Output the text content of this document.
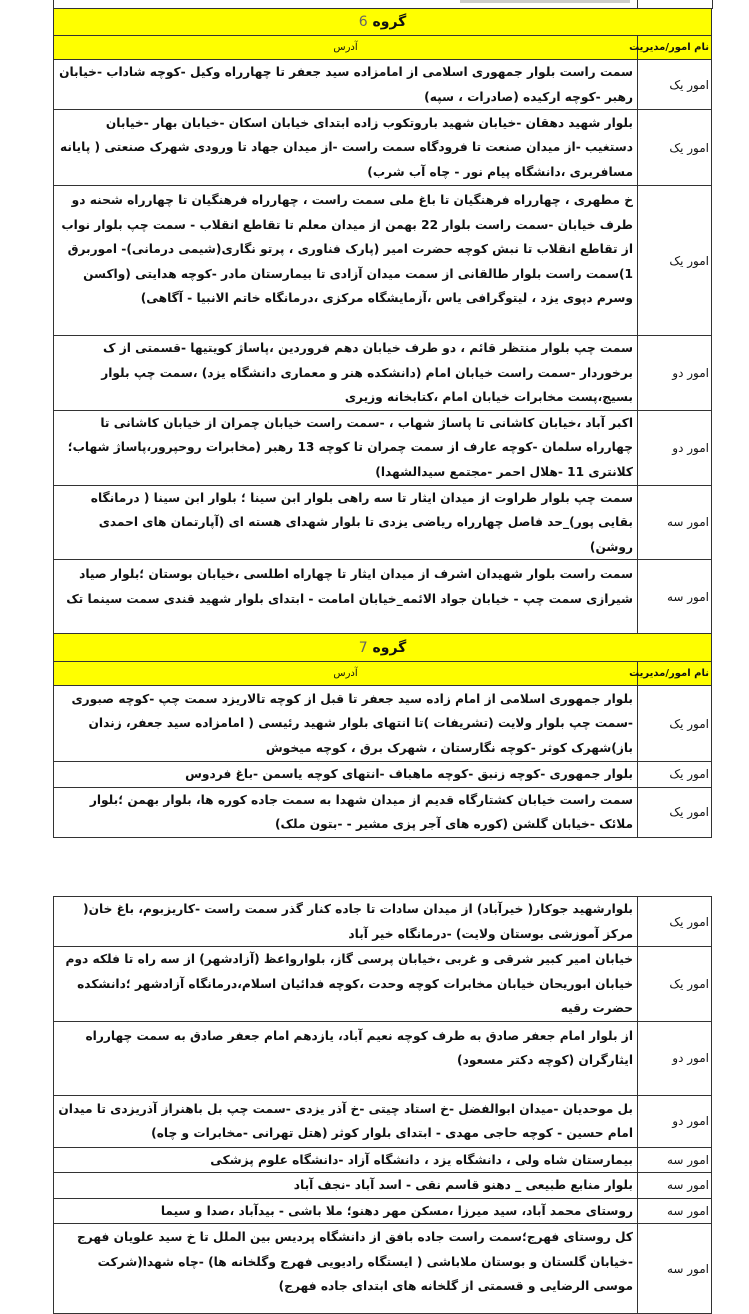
گروه 6	
نام امور/مدیریت	آدرس
امور یک	سمت راست بلوار جمهوری اسلامی از امامزاده سید جعفر تا چهارراه وکیل -کوچه شاداب -خیابان رهبر -کوچه ارکیده (صادرات ، سپه)
امور یک	بلوار شهید دهقان -خیابان شهید باروتکوب زاده ابتدای خیابان اسکان -خیابان بهار -خیابان دستغیب -از میدان صنعت تا فرودگاه سمت راست -از میدان جهاد تا ورودی شهرک صنعتی ( پایانه مسافربری ،دانشگاه پیام نور - چاه آب شرب)
امور یک	خ مطهری ، چهارراه فرهنگیان تا باغ ملی سمت راست ، چهارراه فرهنگیان تا چهارراه شحنه دو طرف خیابان -سمت راست بلوار 22 بهمن از میدان معلم تا تقاطع انقلاب - سمت چپ بلوار نواب از تقاطع انقلاب تا نبش کوچه حضرت امیر (پارک فناوری ، پرتو نگاری(شیمی درمانی)- اموربرق 1)سمت راست بلوار طالقانی از سمت میدان آزادی تا بیمارستان مادر -کوچه هدایتی (واکسن وسرم دپوی یزد ، لیتوگرافی یاس ،آزمایشگاه مرکزی ،درمانگاه خاتم الانبیا - آگاهی)
امور دو	سمت چپ بلوار منتظر قائم ، دو طرف خیابان دهم فروردین ،پاساژ کویتیها -قسمتی از ک برخوردار -سمت راست خیابان امام (دانشکده هنر و معماری دانشگاه یزد) ،سمت چپ بلوار بسیج،پست مخابرات خیابان امام ،کتابخانه وزیری
امور دو	اکبر آباد ،خیابان کاشانی تا پاساژ شهاب ، -سمت راست خیابان چمران از خیابان کاشانی تا چهارراه سلمان -کوچه عارف از سمت چمران تا کوچه 13 رهبر (مخابرات روحپرور،پاساژ شهاب؛ کلانتری 11 -هلال احمر -مجتمع سیدالشهدا)
امور سه	سمت چپ بلوار طراوت از میدان ایثار تا سه راهی بلوار ابن سینا ؛ بلوار ابن سینا ( درمانگاه بقایی پور)_حد فاصل چهارراه ریاضی یزدی تا بلوار شهدای هسته ای (آپارتمان های احمدی روشن)
امور سه	سمت راست بلوار شهیدان اشرف از میدان ایثار تا چهاراه اطلسی ،خیابان بوستان ؛بلوار صیاد شیرازی سمت چپ - خیابان جواد الائمه_خیابان امامت - ابتدای بلوار شهید قندی سمت سینما تک
گروه 7	
نام امور/مدیریت	آدرس
امور یک	بلوار جمهوری اسلامی از امام زاده سید جعفر تا قبل از کوچه تالاریزد سمت چپ -کوچه صبوری -سمت چپ بلوار ولایت (تشریفات )تا انتهای بلوار شهید رئیسی ( امامزاده سید جعفر، زندان باز)شهرک کوثر -کوچه نگارستان ، شهرک برق ، کوچه میخوش
امور یک	بلوار جمهوری -کوچه زنبق -کوچه ماهباف -انتهای کوچه یاسمن -باغ فردوس
امور یک	سمت راست خیابان کشتارگاه قدیم از میدان شهدا به سمت جاده کوره ها، بلوار بهمن ؛بلوار ملائک -خیابان گلشن (کوره های آجر پزی مشیر - -بتون ملک)
امور یک	بلوارشهید جوکار( خیرآباد) از میدان سادات تا جاده کنار گذر سمت راست -کاریزبوم، باغ خان( مرکز آموزشی بوستان ولایت) -درمانگاه خیر آباد
امور یک	خیابان امیر کبیر شرقی و غربی ،خیابان پرسی گاز، بلوارواعظ (آزادشهر) از سه راه تا فلکه دوم خیابان ابوریحان خیابان مخابرات کوچه وحدت ،کوچه فدائیان اسلام،درمانگاه آزادشهر ؛دانشکده حضرت رقیه
امور دو	از بلوار امام جعفر صادق به طرف کوچه نعیم آباد، یازدهم امام جعفر صادق به سمت چهارراه ایثارگران (کوچه دکتر مسعود)
امور دو	بل موحدیان -میدان ابوالفضل -خ استاد چیتی -خ آذر یزدی -سمت چپ بل باهنراز آذریزدی تا میدان امام حسین - کوچه حاجی مهدی - ابتدای بلوار کوثر (هتل تهرانی -مخابرات و چاه)
امور سه	بیمارستان شاه ولی ، دانشگاه یزد ، دانشگاه آزاد -دانشگاه علوم پزشکی
امور سه	بلوار منابع طبیعی _ دهنو قاسم نقی - اسد آباد -نجف آباد
امور سه	روستای محمد آباد، سید میرزا ،مسکن مهر دهنو؛ ملا باشی - بیدآباد ،صدا و سیما
امور سه	کل روستای فهرج؛سمت راست جاده بافق از دانشگاه پردیس بین الملل تا خ سید علویان فهرج -خیابان گلستان و بوستان ملاباشی ( ایستگاه رادیویی فهرج وگلخانه ها) -چاه شهدا(شرکت موسی الرضایی و قسمتی از گلخانه های ابتدای جاده فهرج)
